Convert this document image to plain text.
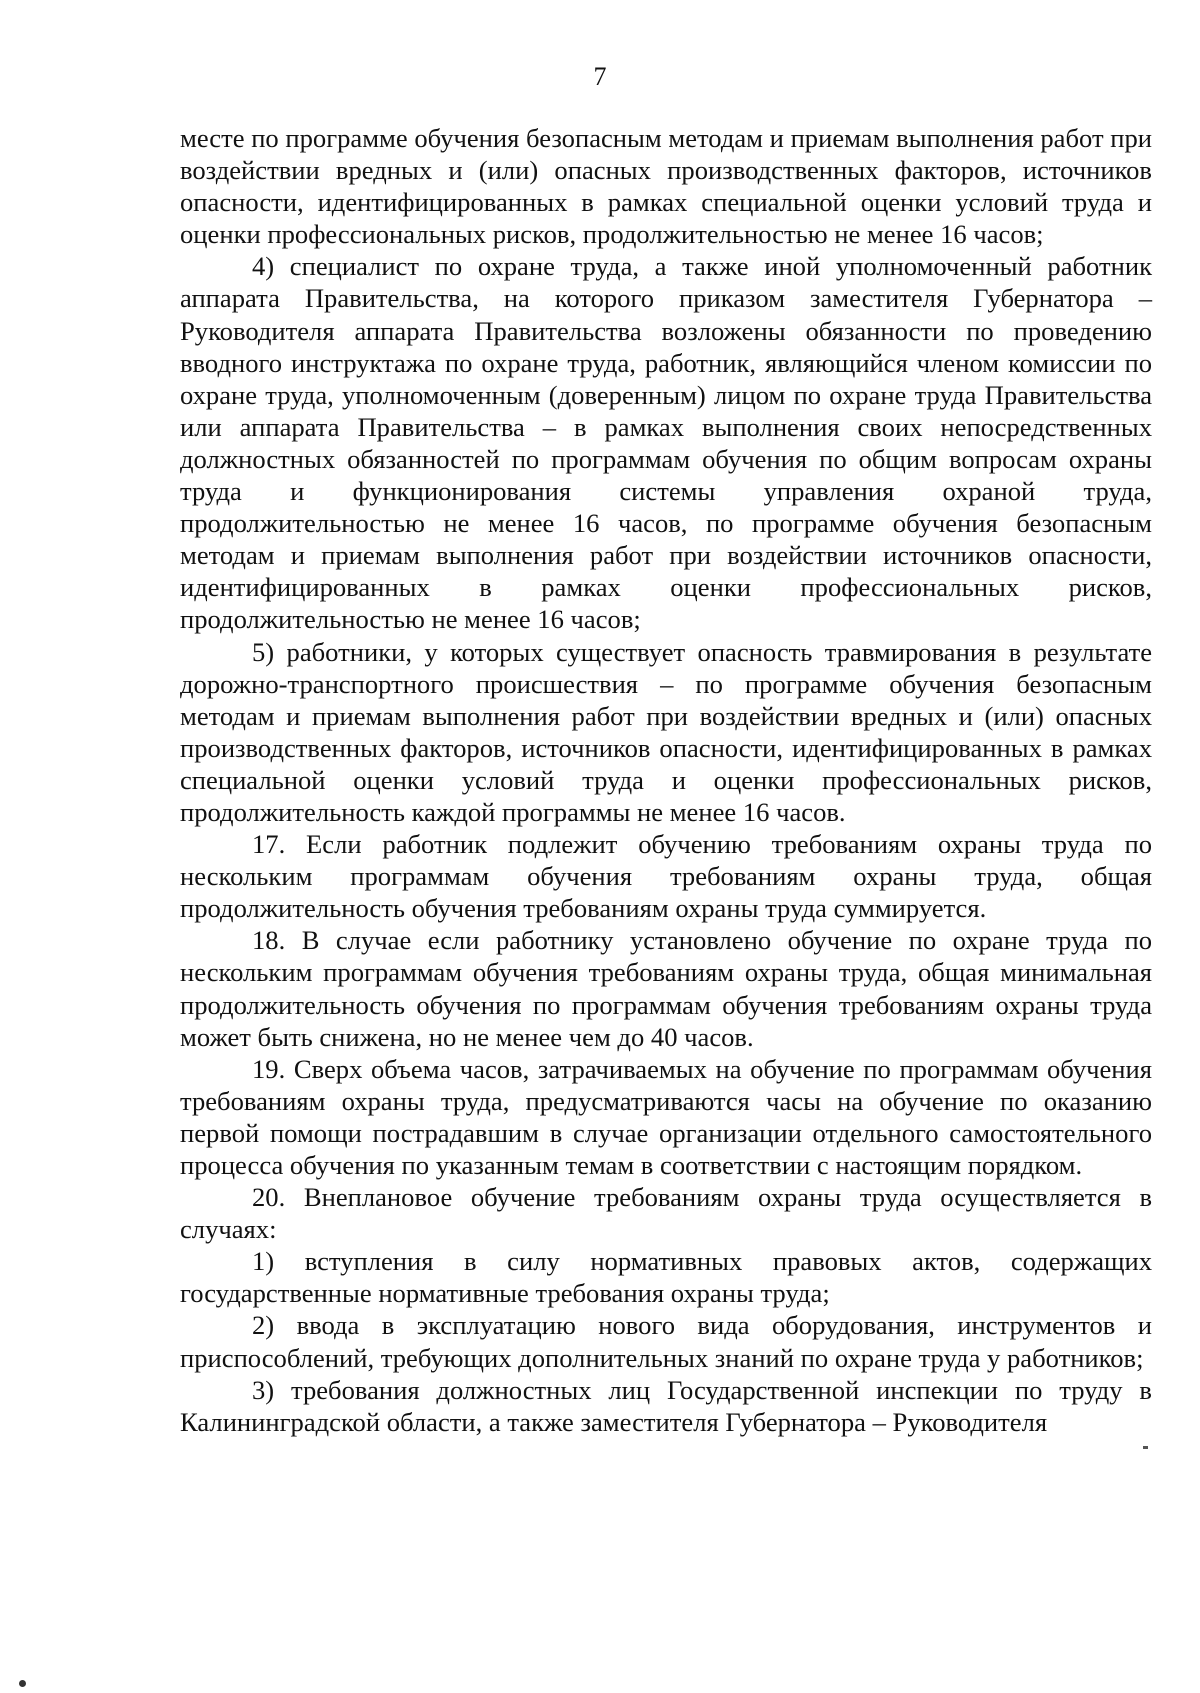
7

месте по программе обучения безопасным методам и приемам выполнения работ при воздействии вредных и (или) опасных производственных факторов, источников опасности, идентифицированных в рамках специальной оценки условий труда и оценки профессиональных рисков, продолжительностью не менее 16 часов;

4) специалист по охране труда, а также иной уполномоченный работник аппарата Правительства, на которого приказом заместителя Губернатора – Руководителя аппарата Правительства возложены обязанности по проведению вводного инструктажа по охране труда, работник, являющийся членом комиссии по охране труда, уполномоченным (доверенным) лицом по охране труда Правительства или аппарата Правительства – в рамках выполнения своих непосредственных должностных обязанностей по программам обучения по общим вопросам охраны труда и функционирования системы управления охраной труда, продолжительностью не менее 16 часов, по программе обучения безопасным методам и приемам выполнения работ при воздействии источников опасности, идентифицированных в рамках оценки профессиональных рисков, продолжительностью не менее 16 часов;

5) работники, у которых существует опасность травмирования в результате дорожно-транспортного происшествия – по программе обучения безопасным методам и приемам выполнения работ при воздействии вредных и (или) опасных производственных факторов, источников опасности, идентифицированных в рамках специальной оценки условий труда и оценки профессиональных рисков, продолжительность каждой программы не менее 16 часов.

17. Если работник подлежит обучению требованиям охраны труда по нескольким программам обучения требованиям охраны труда, общая продолжительность обучения требованиям охраны труда суммируется.

18. В случае если работнику установлено обучение по охране труда по нескольким программам обучения требованиям охраны труда, общая минимальная продолжительность обучения по программам обучения требованиям охраны труда может быть снижена, но не менее чем до 40 часов.

19. Сверх объема часов, затрачиваемых на обучение по программам обучения требованиям охраны труда, предусматриваются часы на обучение по оказанию первой помощи пострадавшим в случае организации отдельного самостоятельного процесса обучения по указанным темам в соответствии с настоящим порядком.

20. Внеплановое обучение требованиям охраны труда осуществляется в случаях:

1) вступления в силу нормативных правовых актов, содержащих государственные нормативные требования охраны труда;

2) ввода в эксплуатацию нового вида оборудования, инструментов и приспособлений, требующих дополнительных знаний по охране труда у работников;

3) требования должностных лиц Государственной инспекции по труду в Калининградской области, а также заместителя Губернатора – Руководителя
